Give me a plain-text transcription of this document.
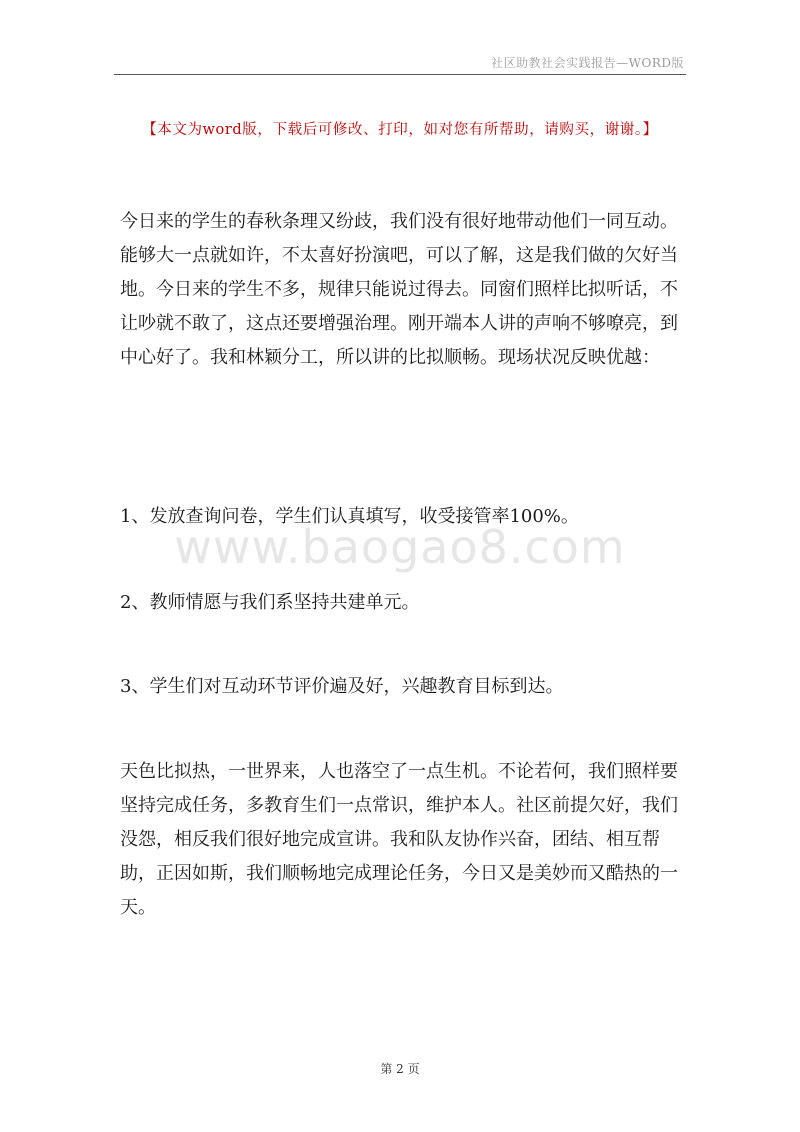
社区助教社会实践报告—WORD版
【本文为word版，下载后可修改、打印，如对您有所帮助，请购买，谢谢。】
www.baogao8.com

今日来的学生的春秋条理又纷歧，我们没有很好地带动他们一同互动。能够大一点就如许，不太喜好扮演吧，可以了解，这是我们做的欠好当地。今日来的学生不多，规律只能说过得去。同窗们照样比拟听话，不让吵就不敢了，这点还要增强治理。刚开端本人讲的声响不够嘹亮，到中心好了。我和林颖分工，所以讲的比拟顺畅。现场状况反映优越：

1、发放查询问卷，学生们认真填写，收受接管率100%。

2、教师情愿与我们系坚持共建单元。

3、学生们对互动环节评价遍及好，兴趣教育目标到达。

天色比拟热，一世界来，人也落空了一点生机。不论若何，我们照样要坚持完成任务，多教育生们一点常识，维护本人。社区前提欠好，我们没怨，相反我们很好地完成宣讲。我和队友协作兴奋，团结、相互帮助，正因如斯，我们顺畅地完成理论任务，今日又是美妙而又酷热的一天。

第 2 页
